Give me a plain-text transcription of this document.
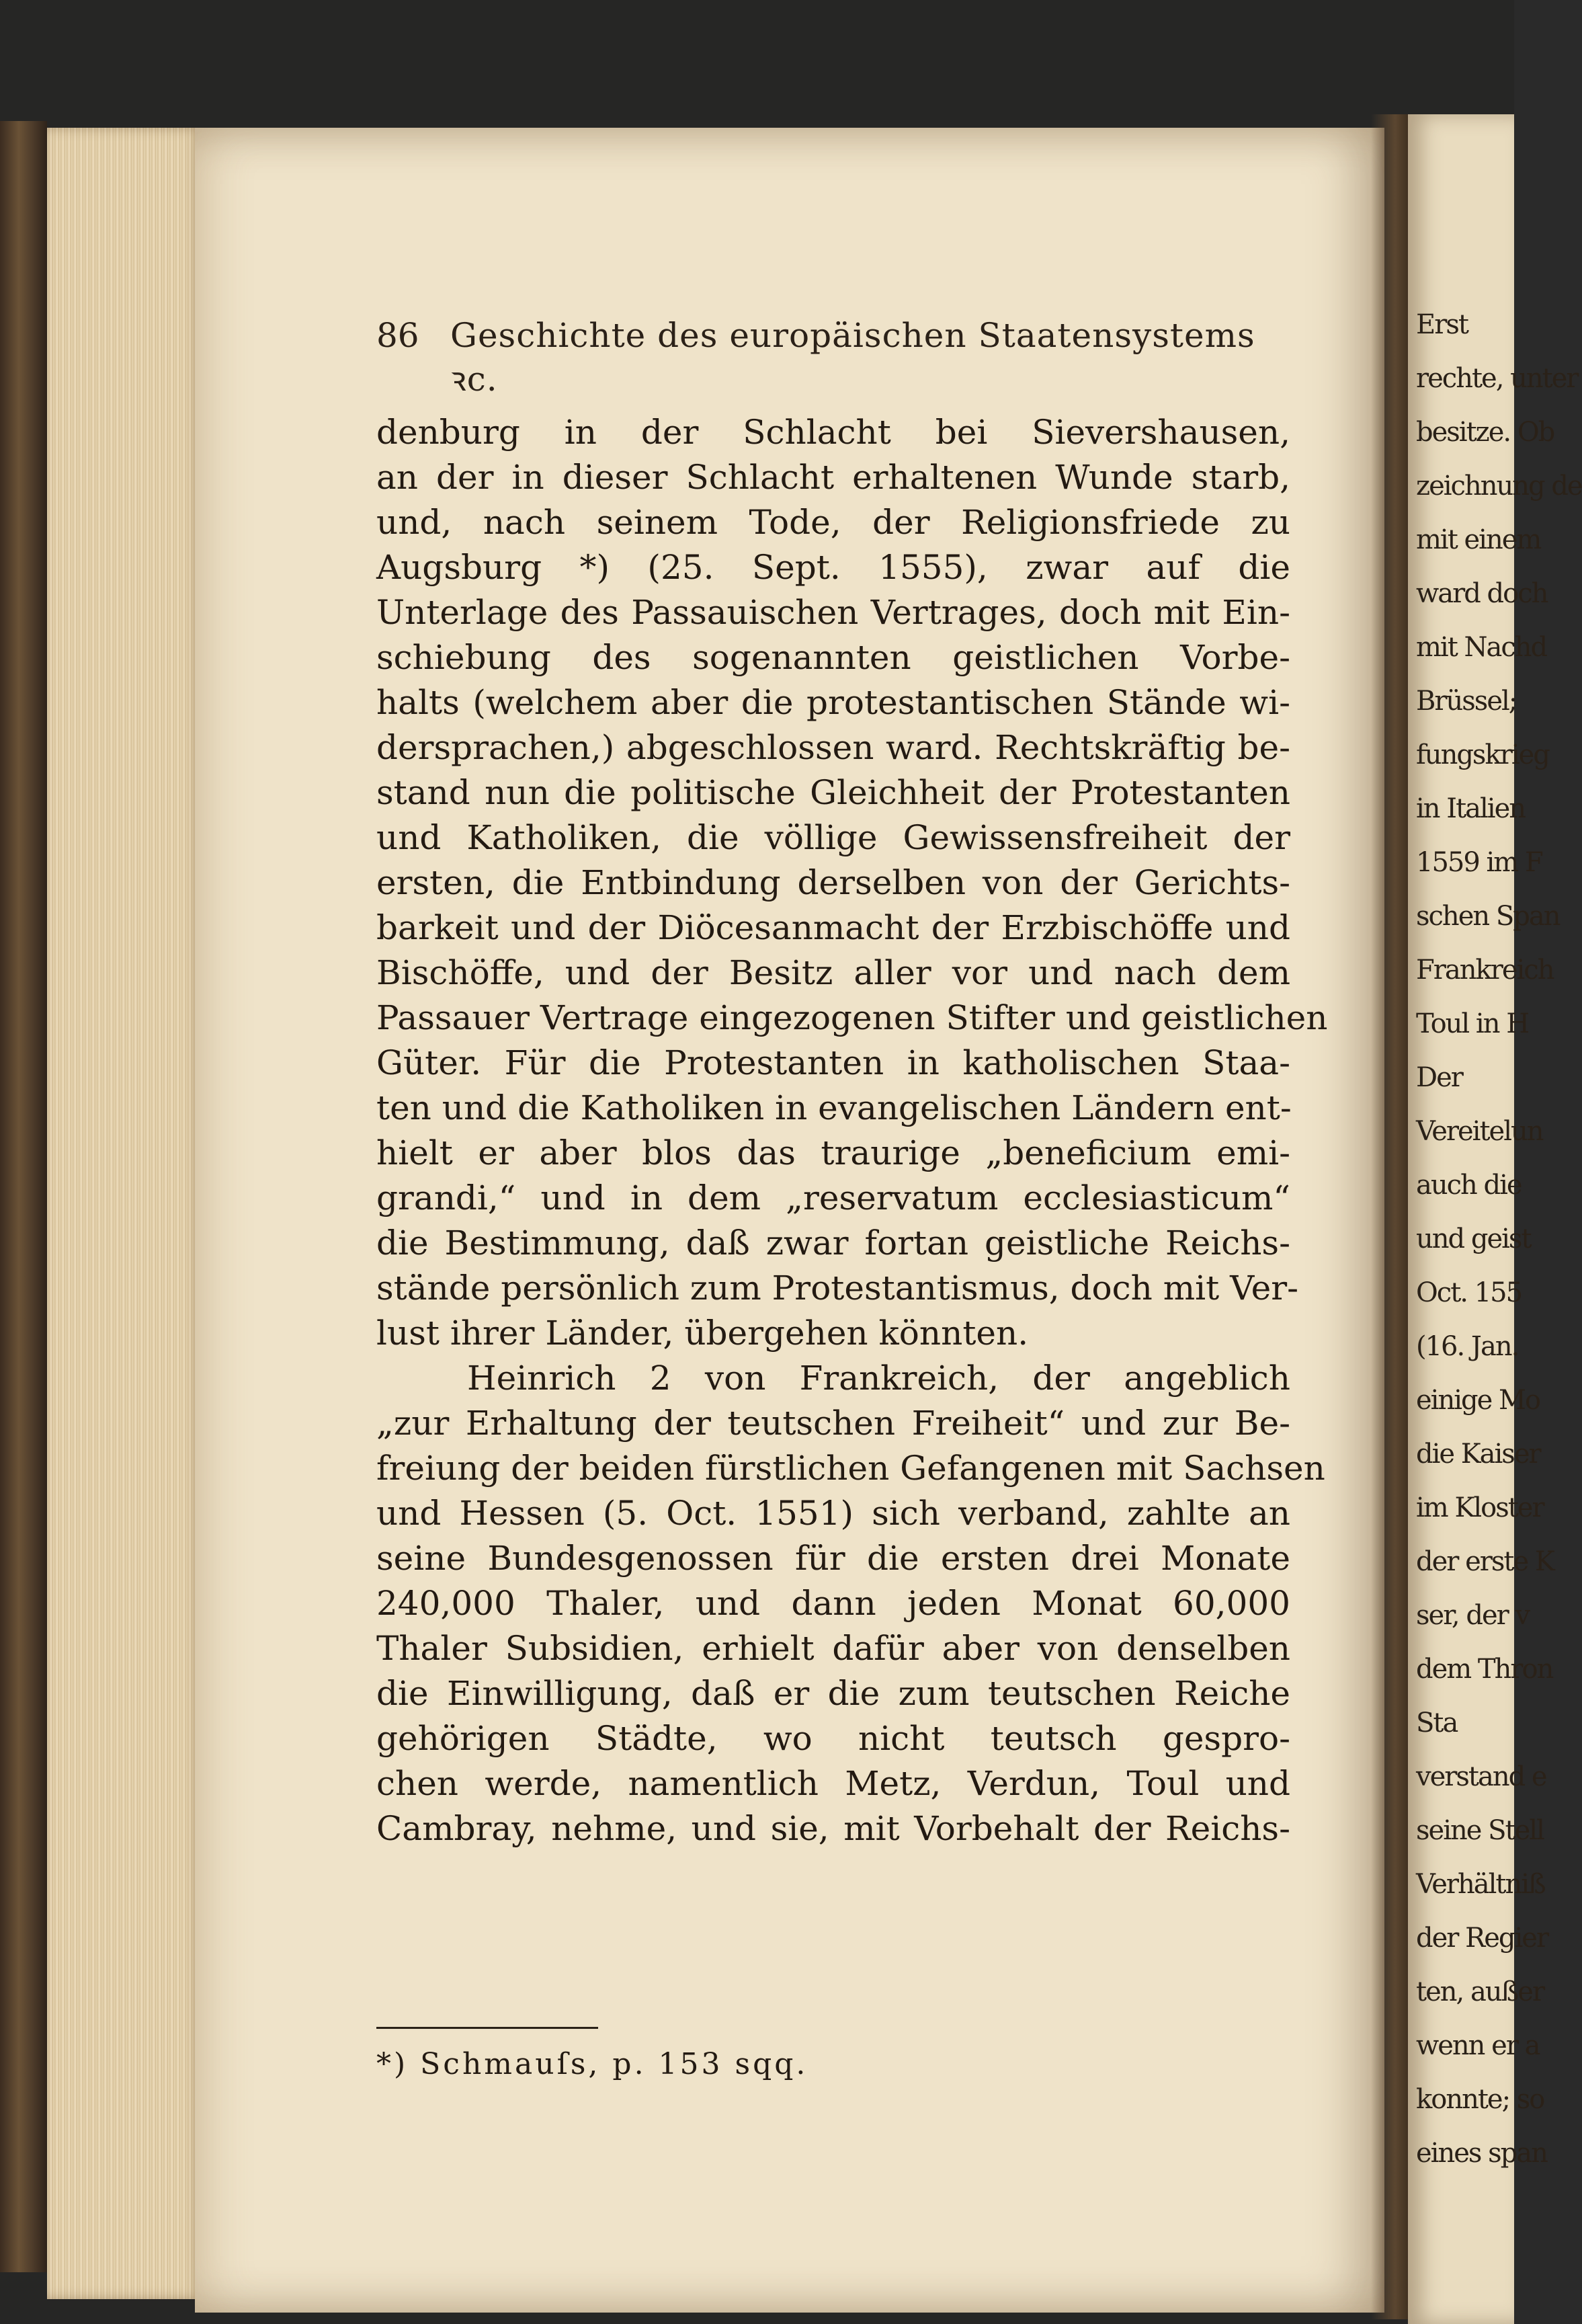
Erst
rechte, unter
besitze. Ob
zeichnung de
mit einem
ward doch
mit Nachd
Brüssel;
fungskrieg
in Italien
1559 im F
schen Span
Frankreich
Toul in H
Der
Vereitelun
auch die
und geist
Oct. 155
(16. Jan.
einige Mo
die Kaiser
im Kloster
der erste K
ser, der v
dem Thron
Sta
verstand e
seine Stell
Verhältniß
der Regier
ten, außer
wenn er a
konnte; so
eines span
86 Geschichte des europäischen Staatensystems ꝛc.
denburg in der Schlacht bei Sievershausen,
an der in dieser Schlacht erhaltenen Wunde starb,
und, nach seinem Tode, der Religionsfriede zu
Augsburg *) (25. Sept. 1555), zwar auf die
Unterlage des Passauischen Vertrages, doch mit Ein-
schiebung des sogenannten geistlichen Vorbe-
halts (welchem aber die protestantischen Stände wi-
dersprachen,) abgeschlossen ward. Rechtskräftig be-
stand nun die politische Gleichheit der Protestanten
und Katholiken, die völlige Gewissensfreiheit der
ersten, die Entbindung derselben von der Gerichts-
barkeit und der Diöcesanmacht der Erzbischöffe und
Bischöffe, und der Besitz aller vor und nach dem
Passauer Vertrage eingezogenen Stifter und geistlichen
Güter. Für die Protestanten in katholischen Staa-
ten und die Katholiken in evangelischen Ländern ent-
hielt er aber blos das traurige „beneficium emi-
grandi,“ und in dem „reservatum ecclesiasticum“
die Bestimmung, daß zwar fortan geistliche Reichs-
stände persönlich zum Protestantismus, doch mit Ver-
lust ihrer Länder, übergehen könnten.
Heinrich 2 von Frankreich, der angeblich
„zur Erhaltung der teutschen Freiheit“ und zur Be-
freiung der beiden fürstlichen Gefangenen mit Sachsen
und Hessen (5. Oct. 1551) sich verband, zahlte an
seine Bundesgenossen für die ersten drei Monate
240,000 Thaler, und dann jeden Monat 60,000
Thaler Subsidien, erhielt dafür aber von denselben
die Einwilligung, daß er die zum teutschen Reiche
gehörigen Städte, wo nicht teutsch gespro-
chen werde, namentlich Metz, Verdun, Toul und
Cambray, nehme, und sie, mit Vorbehalt der Reichs-
*) Schmauſs, p. 153 sqq.
